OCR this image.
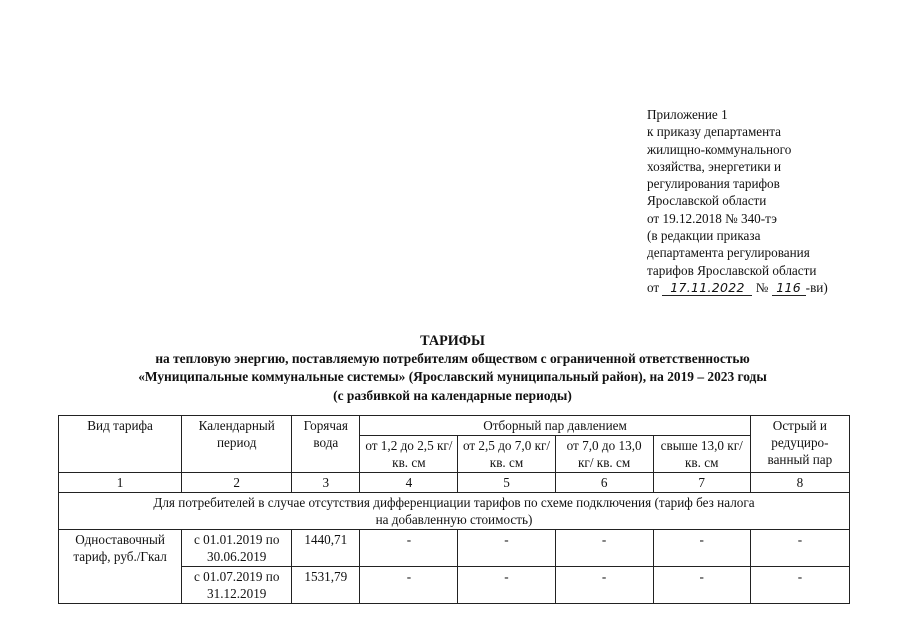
Приложение 1
к приказу департамента
жилищно-коммунального
хозяйства, энергетики и
регулирования тарифов
Ярославской области
от 19.12.2018 № 340-тэ
(в редакции приказа
департамента регулирования
тарифов Ярославской области
от 17.11.2022 № 116 -ви)
ТАРИФЫ
на тепловую энергию, поставляемую потребителям обществом с ограниченной ответственностью
«Муниципальные коммунальные системы» (Ярославский муниципальный район), на 2019 – 2023 годы
(с разбивкой на календарные периоды)
Вид тарифа	Календарный период	Горячая вода	Отборный пар давлением				Острый и редуциро-ванный пар
			от 1,2 до 2,5 кг/ кв. см	от 2,5 до 7,0 кг/ кв. см	от 7,0 до 13,0 кг/ кв. см	свыше 13,0 кг/ кв. см	
1	2	3	4	5	6	7	8
Для потребителей в случае отсутствия дифференциации тарифов по схеме подключения (тариф без налога на добавленную стоимость)							
Одноставочный тариф, руб./Гкал	с 01.01.2019 по 30.06.2019	1440,71	-	-	-	-	-
	с 01.07.2019 по 31.12.2019	1531,79	-	-	-	-	-
